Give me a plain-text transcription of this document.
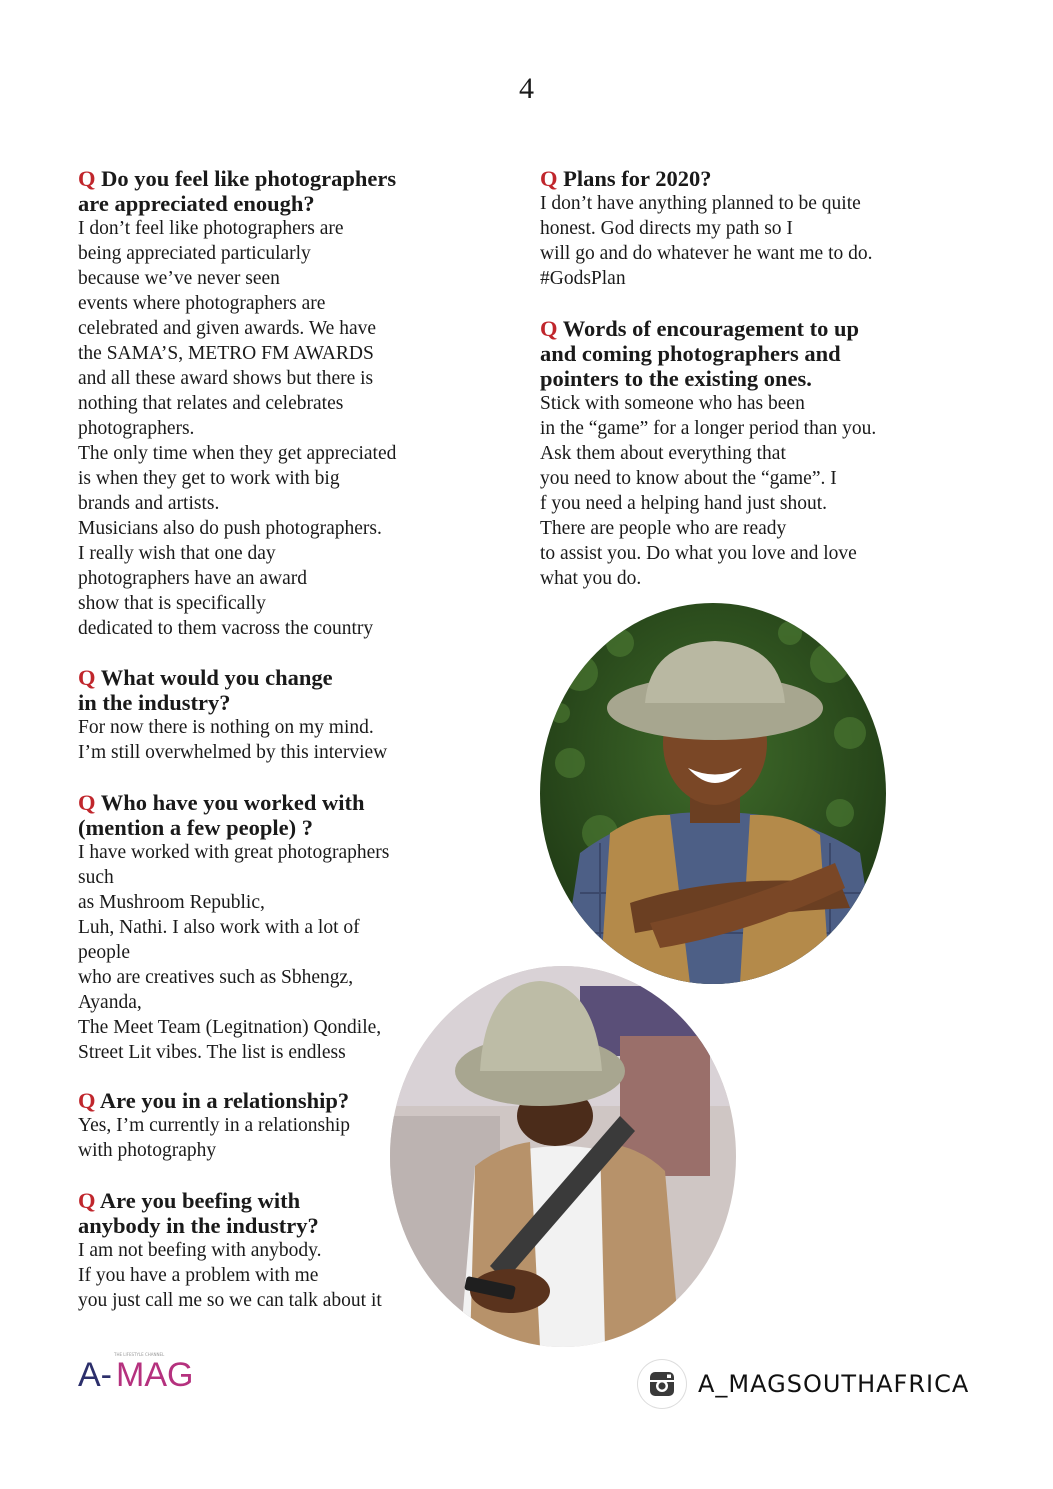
4

Q Do you feel like photographers
are appreciated enough?

I don’t feel like photographers are
being appreciated particularly
because we’ve never seen
events where photographers are
celebrated and given awards. We have
the SAMA’S, METRO FM AWARDS
and all these award shows but there is
nothing that relates and celebrates
photographers.
The only time when they get appreciated
is when they get to work with big
brands and artists.
Musicians also do push photographers.
I really wish that one day
photographers have an award
show that is specifically
dedicated to them vacross the country

Q What would you change
in the industry?

For now there is nothing on my mind.
I’m still overwhelmed by this interview

Q Who have you worked with
(mention a few people) ?

I have worked with great photographers
such
as Mushroom Republic,
Luh, Nathi. I also work with a lot of
people
who are creatives such as Sbhengz,
Ayanda,
The Meet Team (Legitnation) Qondile,
Street Lit vibes. The list is endless

Q Are you in a relationship?

Yes, I’m currently in a relationship
with photography

Q Are you beefing with
anybody in the industry?

I am not beefing with anybody.
If you have a problem with me
you just call me so we can talk about it

Q Plans for 2020?

I don’t have anything planned to be quite
honest. God directs my path so I
will go and do whatever he want me to do.
#GodsPlan

Q Words of encouragement to up
and coming photographers and
pointers to the existing ones.

Stick with someone who has been
in the “game” for a longer period than you.
Ask them about everything that
you need to know about the “game”. I
f you need a helping hand just shout.
There are people who are ready
to assist you. Do what you love and love
what you do.

THE LIFESTYLE CHANNEL
A- MAG	A_MAGSOUTHAFRICA
